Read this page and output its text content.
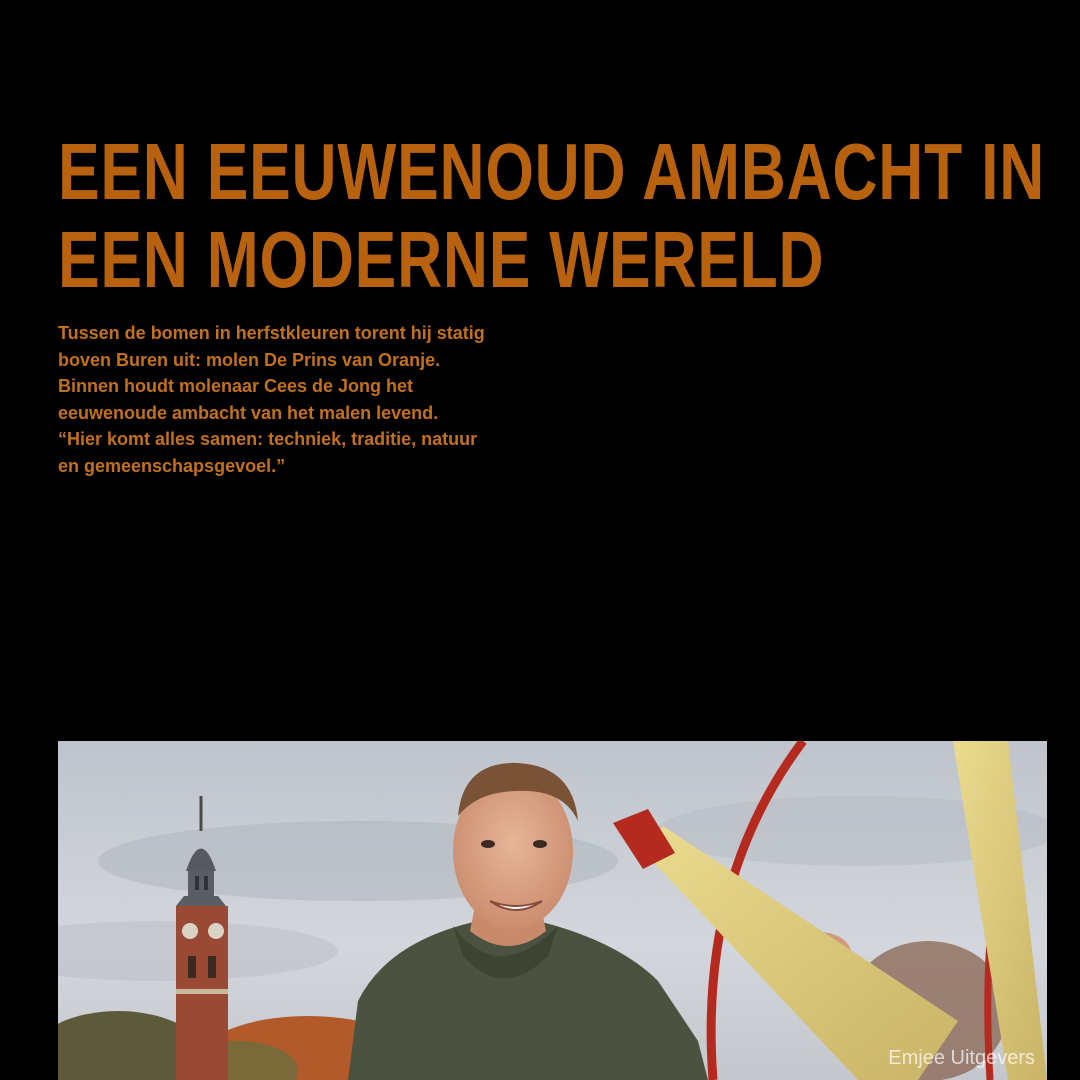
EEN EEUWENOUD AMBACHT IN
EEN MODERNE WERELD

Tussen de bomen in herfstkleuren torent hij statig
boven Buren uit: molen De Prins van Oranje.
Binnen houdt molenaar Cees de Jong het
eeuwenoude ambacht van het malen levend.
“Hier komt alles samen: techniek, traditie, natuur
en gemeenschapsgevoel.”

Emjee Uitgevers
